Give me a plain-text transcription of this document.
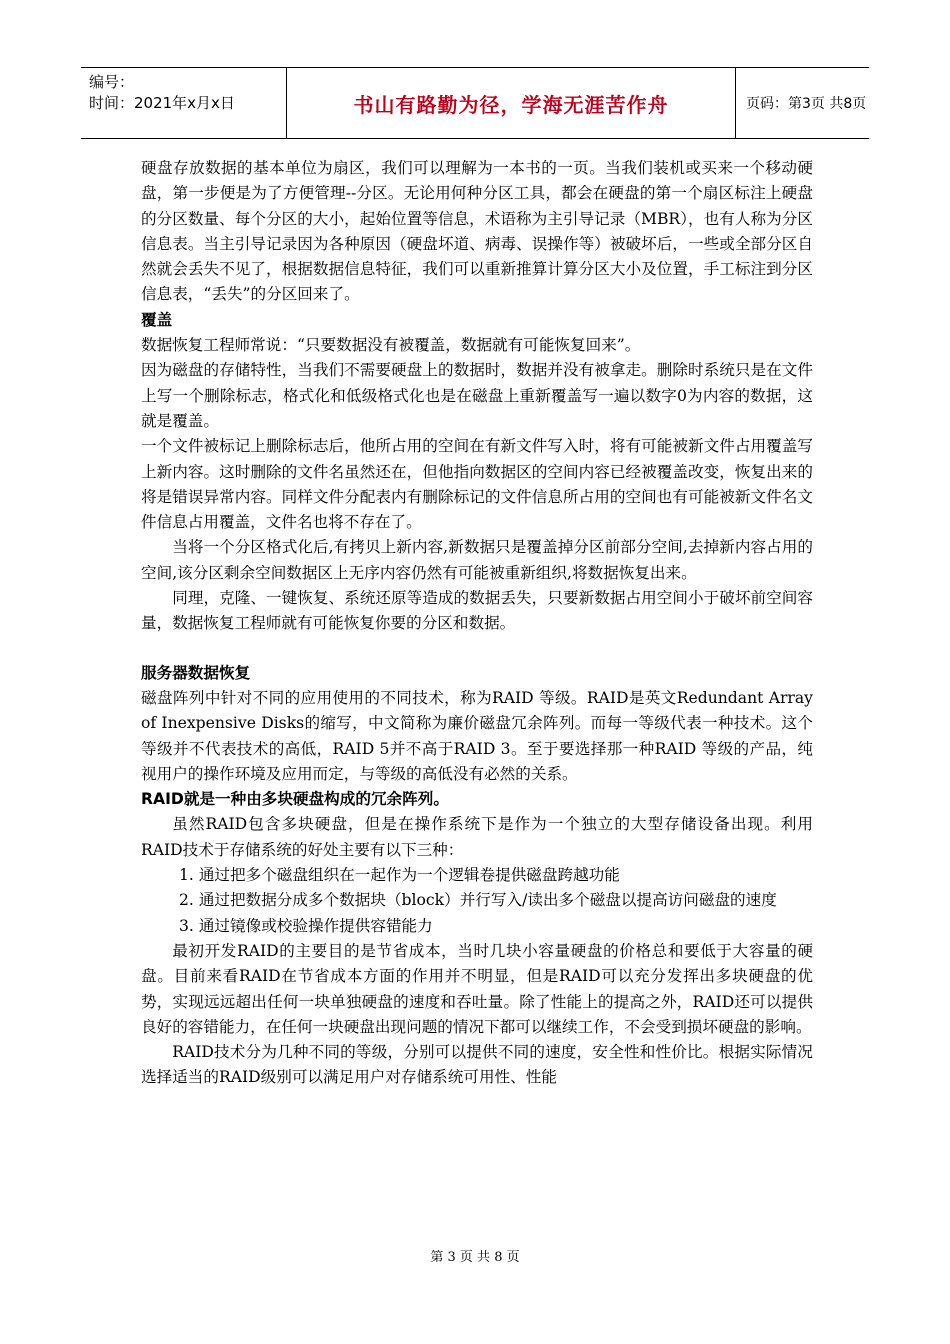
编号：
时间：2021年x月x日	书山有路勤为径，学海无涯苦作舟	页码：第3页 共8页

硬盘存放数据的基本单位为扇区，我们可以理解为一本书的一页。当我们装机或买来一个移动硬盘，第一步便是为了方便管理--分区。无论用何种分区工具，都会在硬盘的第一个扇区标注上硬盘的分区数量、每个分区的大小，起始位置等信息，术语称为主引导记录（MBR），也有人称为分区信息表。当主引导记录因为各种原因（硬盘坏道、病毒、误操作等）被破坏后，一些或全部分区自然就会丢失不见了，根据数据信息特征，我们可以重新推算计算分区大小及位置，手工标注到分区信息表，“丢失”的分区回来了。

覆盖

数据恢复工程师常说：“只要数据没有被覆盖，数据就有可能恢复回来”。

因为磁盘的存储特性，当我们不需要硬盘上的数据时，数据并没有被拿走。删除时系统只是在文件上写一个删除标志，格式化和低级格式化也是在磁盘上重新覆盖写一遍以数字0为内容的数据，这就是覆盖。

一个文件被标记上删除标志后，他所占用的空间在有新文件写入时，将有可能被新文件占用覆盖写上新内容。这时删除的文件名虽然还在，但他指向数据区的空间内容已经被覆盖改变，恢复出来的将是错误异常内容。同样文件分配表内有删除标记的文件信息所占用的空间也有可能被新文件名文件信息占用覆盖，文件名也将不存在了。

当将一个分区格式化后,有拷贝上新内容,新数据只是覆盖掉分区前部分空间,去掉新内容占用的空间,该分区剩余空间数据区上无序内容仍然有可能被重新组织,将数据恢复出来。

同理，克隆、一键恢复、系统还原等造成的数据丢失，只要新数据占用空间小于破坏前空间容量，数据恢复工程师就有可能恢复你要的分区和数据。

服务器数据恢复

磁盘阵列中针对不同的应用使用的不同技术，称为RAID 等级。RAID是英文Redundant Array of Inexpensive Disks的缩写，中文简称为廉价磁盘冗余阵列。而每一等级代表一种技术。这个等级并不代表技术的高低，RAID 5并不高于RAID 3。至于要选择那一种RAID 等级的产品，纯视用户的操作环境及应用而定，与等级的高低没有必然的关系。

RAID就是一种由多块硬盘构成的冗余阵列。

虽然RAID包含多块硬盘，但是在操作系统下是作为一个独立的大型存储设备出现。利用RAID技术于存储系统的好处主要有以下三种：

1. 通过把多个磁盘组织在一起作为一个逻辑卷提供磁盘跨越功能

2. 通过把数据分成多个数据块（block）并行写入/读出多个磁盘以提高访问磁盘的速度

3. 通过镜像或校验操作提供容错能力

最初开发RAID的主要目的是节省成本，当时几块小容量硬盘的价格总和要低于大容量的硬盘。目前来看RAID在节省成本方面的作用并不明显，但是RAID可以充分发挥出多块硬盘的优势，实现远远超出任何一块单独硬盘的速度和吞吐量。除了性能上的提高之外，RAID还可以提供良好的容错能力，在任何一块硬盘出现问题的情况下都可以继续工作，不会受到损坏硬盘的影响。

RAID技术分为几种不同的等级，分别可以提供不同的速度，安全性和性价比。根据实际情况选择适当的RAID级别可以满足用户对存储系统可用性、性能

第 3 页 共 8 页
